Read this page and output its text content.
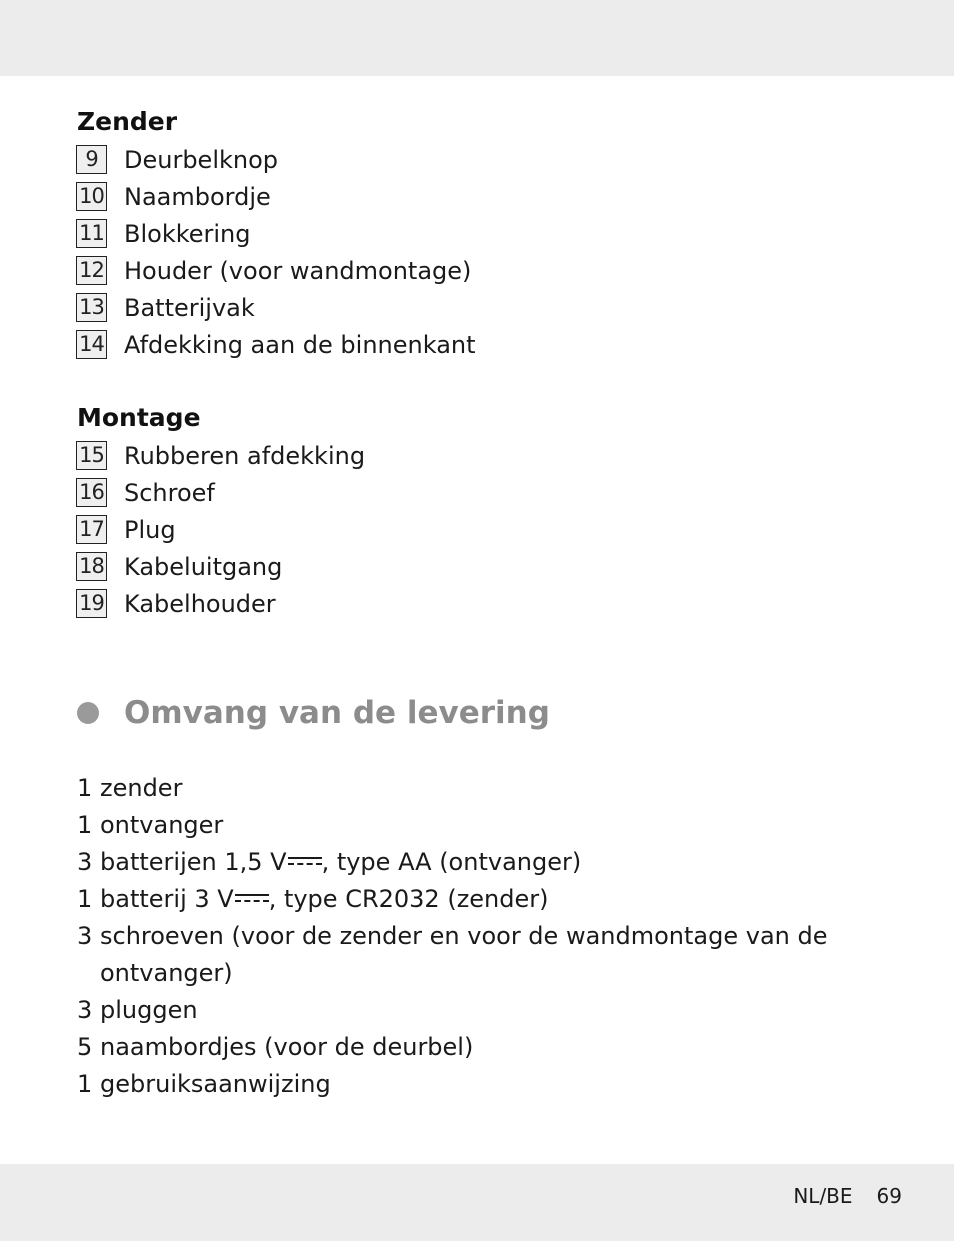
Zender
9	Deurbelknop
10 Naambordje
11 Blokkering
12 Houder (voor wandmontage)
13 Batterijvak
14 Afdekking aan de binnenkant
Montage
15 Rubberen afdekking
16 Schroef
17 Plug
18 Kabeluitgang
19 Kabelhouder
Omvang van de levering
1 zender
1 ontvanger
3 batterijen 1,5 V , type AA (ontvanger)
1 batterij 3 V , type CR2032 (zender)
3 schroeven (voor de zender en voor de wandmontage van de
ontvanger)
3 pluggen
5 naambordjes (voor de deurbel)
1 gebruiksaanwijzing
NL/BE 69
